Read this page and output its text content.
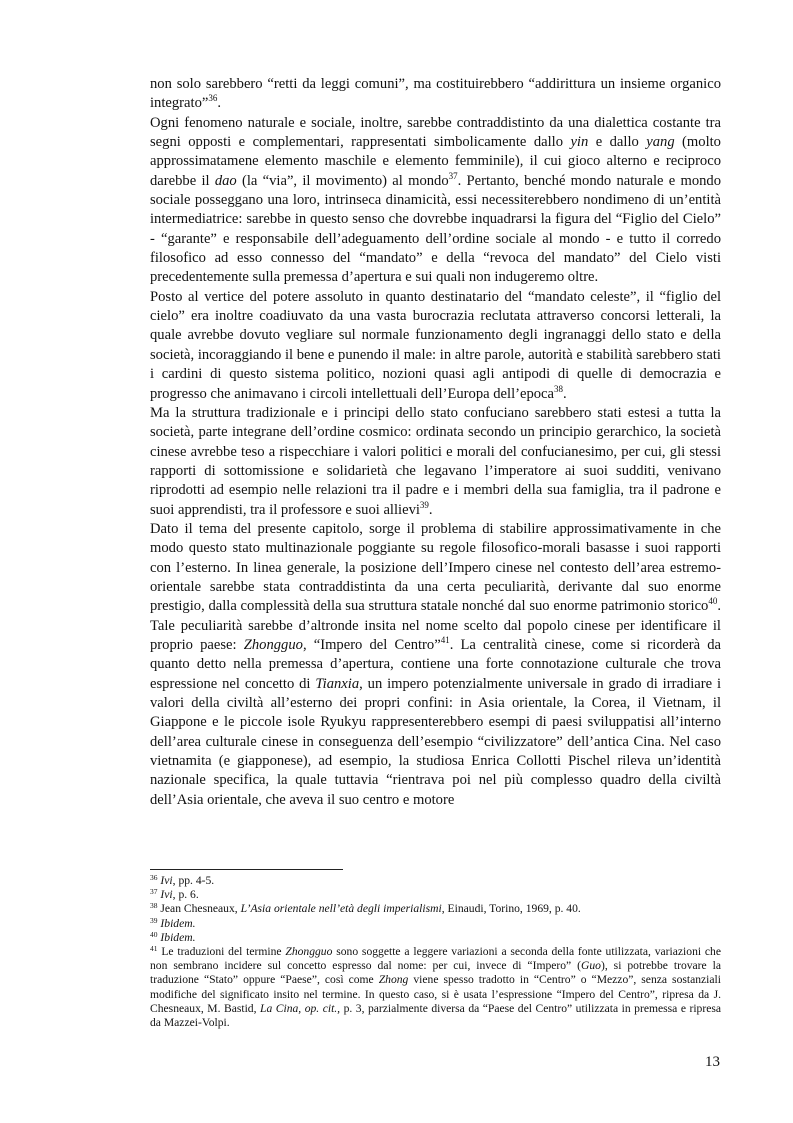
non solo sarebbero “retti da leggi comuni”, ma costituirebbero “addirittura un insieme organico integrato”$^{36}$.

Ogni fenomeno naturale e sociale, inoltre, sarebbe contraddistinto da una dialettica costante tra segni opposti e complementari, rappresentati simbolicamente dallo yin e dallo yang (molto approssimatamene elemento maschile e elemento femminile), il cui gioco alterno e reciproco darebbe il dao (la “via”, il movimento) al mondo$^{37}$. Pertanto, benché mondo naturale e mondo sociale posseggano una loro, intrinseca dinamicità, essi necessiterebbero nondimeno di un’entità intermediatrice: sarebbe in questo senso che dovrebbe inquadrarsi la figura del “Figlio del Cielo” - “garante” e responsabile dell’adeguamento dell’ordine sociale al mondo - e tutto il corredo filosofico ad esso connesso del “mandato” e della “revoca del mandato” del Cielo visti precedentemente sulla premessa d’apertura e sui quali non indugeremo oltre.

Posto al vertice del potere assoluto in quanto destinatario del “mandato celeste”, il “figlio del cielo” era inoltre coadiuvato da una vasta burocrazia reclutata attraverso concorsi letterali, la quale avrebbe dovuto vegliare sul normale funzionamento degli ingranaggi dello stato e della società, incoraggiando il bene e punendo il male: in altre parole, autorità e stabilità sarebbero stati i cardini di questo sistema politico, nozioni quasi agli antipodi di quelle di democrazia e progresso che animavano i circoli intellettuali dell’Europa dell’epoca$^{38}$.

Ma la struttura tradizionale e i principi dello stato confuciano sarebbero stati estesi a tutta la società, parte integrane dell’ordine cosmico: ordinata secondo un principio gerarchico, la società cinese avrebbe teso a rispecchiare i valori politici e morali del confucianesimo, per cui, gli stessi rapporti di sottomissione e solidarietà che legavano l’imperatore ai suoi sudditi, venivano riprodotti ad esempio nelle relazioni tra il padre e i membri della sua famiglia, tra il padrone e suoi apprendisti, tra il professore e suoi allievi$^{39}$.

Dato il tema del presente capitolo, sorge il problema di stabilire approssimativamente in che modo questo stato multinazionale poggiante su regole filosofico-morali basasse i suoi rapporti con l’esterno. In linea generale, la posizione dell’Impero cinese nel contesto dell’area estremo-orientale sarebbe stata contraddistinta da una certa peculiarità, derivante dal suo enorme prestigio, dalla complessità della sua struttura statale nonché dal suo enorme patrimonio storico$^{40}$. Tale peculiarità sarebbe d’altronde insita nel nome scelto dal popolo cinese per identificare il proprio paese: Zhongguo, “Impero del Centro”$^{41}$. La centralità cinese, come si ricorderà da quanto detto nella premessa d’apertura, contiene una forte connotazione culturale che trova espressione nel concetto di Tianxia, un impero potenzialmente universale in grado di irradiare i valori della civiltà all’esterno dei propri confini: in Asia orientale, la Corea, il Vietnam, il Giappone e le piccole isole Ryukyu rappresenterebbero esempi di paesi sviluppatisi all’interno dell’area culturale cinese in conseguenza dell’esempio “civilizzatore” dell’antica Cina. Nel caso vietnamita (e giapponese), ad esempio, la studiosa Enrica Collotti Pischel rileva un’identità nazionale specifica, la quale tuttavia “rientrava poi nel più complesso quadro della civiltà dell’Asia orientale, che aveva il suo centro e motore

$^{36}$ Ivi, pp. 4-5.

$^{37}$ Ivi, p. 6.

$^{38}$ Jean Chesneaux, L’Asia orientale nell’età degli imperialismi, Einaudi, Torino, 1969, p. 40.

$^{39}$ Ibidem.

$^{40}$ Ibidem.

$^{41}$ Le traduzioni del termine Zhongguo sono soggette a leggere variazioni a seconda della fonte utilizzata, variazioni che non sembrano incidere sul concetto espresso dal nome: per cui, invece di “Impero” (Guo), si potrebbe trovare la traduzione “Stato” oppure “Paese”, così come Zhong viene spesso tradotto in “Centro” o “Mezzo”, senza sostanziali modifiche del significato insito nel termine. In questo caso, si è usata l’espressione “Impero del Centro”, ripresa da J. Chesneaux, M. Bastid, La Cina, op. cit., p. 3, parzialmente diversa da “Paese del Centro” utilizzata in premessa e ripresa da Mazzei-Volpi.

13
